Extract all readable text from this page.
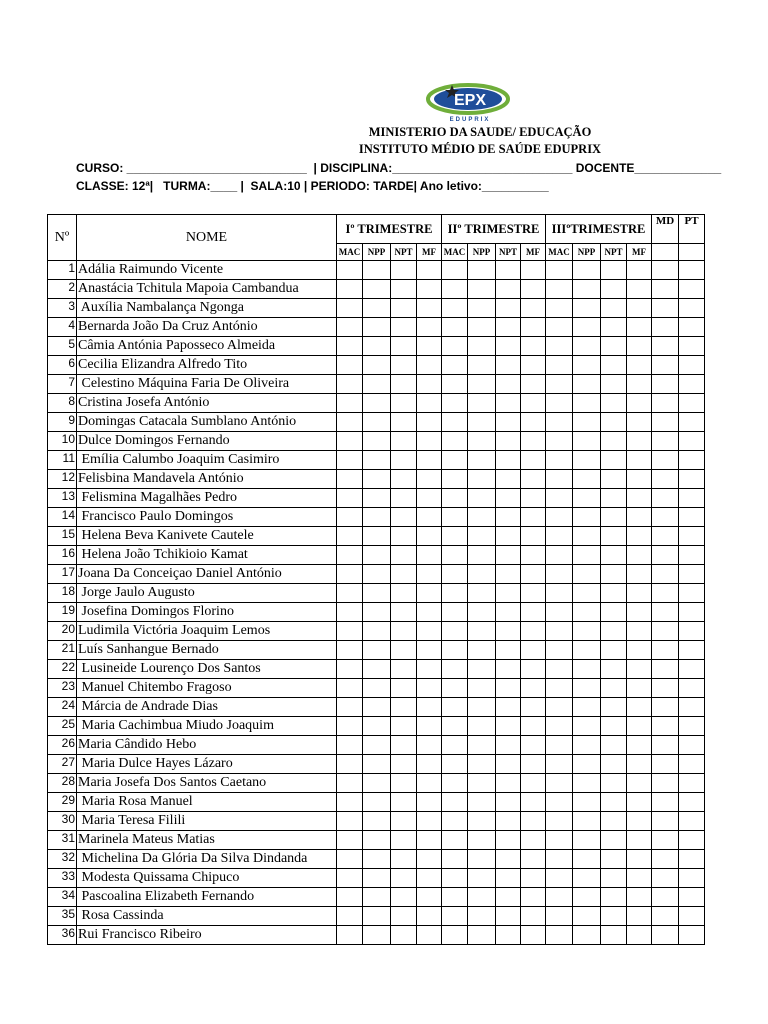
EPX
EDUPRIX
MINISTERIO DA SAUDE/ EDUCAÇÃO
INSTITUTO MÉDIO DE SAÚDE EDUPRIX
CURSO: ___________________________  | DISCIPLINA:___________________________ DOCENTE_____________
CLASSE: 12ª|   TURMA:____ |  SALA:10 | PERIODO: TARDE| Ano letivo:__________
Nº	NOME	Iº TRIMESTRE				IIº TRIMESTRE				IIIºTRIMESTRE				MD	PT
		MAC	NPP	NPT	MF	MAC	NPP	NPT	MF	MAC	NPP	NPT	MF		
1	Adália Raimundo Vicente														
2	Anastácia Tchitula Mapoia Cambandua														
3	Auxília Nambalança Ngonga														
4	Bernarda João Da Cruz António														
5	Câmia Antónia Paposseco Almeida														
6	Cecilia Elizandra Alfredo Tito														
7	Celestino Máquina Faria De Oliveira														
8	Cristina Josefa António														
9	Domingas Catacala Sumblano António														
10	Dulce Domingos Fernando														
11	Emília Calumbo Joaquim Casimiro														
12	Felisbina Mandavela António														
13	Felismina Magalhães Pedro														
14	Francisco Paulo Domingos														
15	Helena Beva Kanivete Cautele														
16	Helena João Tchikioio Kamat														
17	Joana Da Conceiçao Daniel António														
18	Jorge Jaulo Augusto														
19	Josefina Domingos Florino														
20	Ludimila Victória Joaquim Lemos														
21	Luís Sanhangue Bernado														
22	Lusineide Lourenço Dos Santos														
23	Manuel Chitembo Fragoso														
24	Márcia de Andrade Dias														
25	Maria Cachimbua Miudo Joaquim														
26	Maria Cândido Hebo														
27	Maria Dulce Hayes Lázaro														
28	Maria Josefa Dos Santos Caetano														
29	Maria Rosa Manuel														
30	Maria Teresa Filili														
31	Marinela Mateus Matias														
32	Michelina Da Glória Da Silva Dindanda														
33	Modesta Quissama Chipuco														
34	Pascoalina Elizabeth Fernando														
35	Rosa Cassinda														
36	Rui Francisco Ribeiro														
